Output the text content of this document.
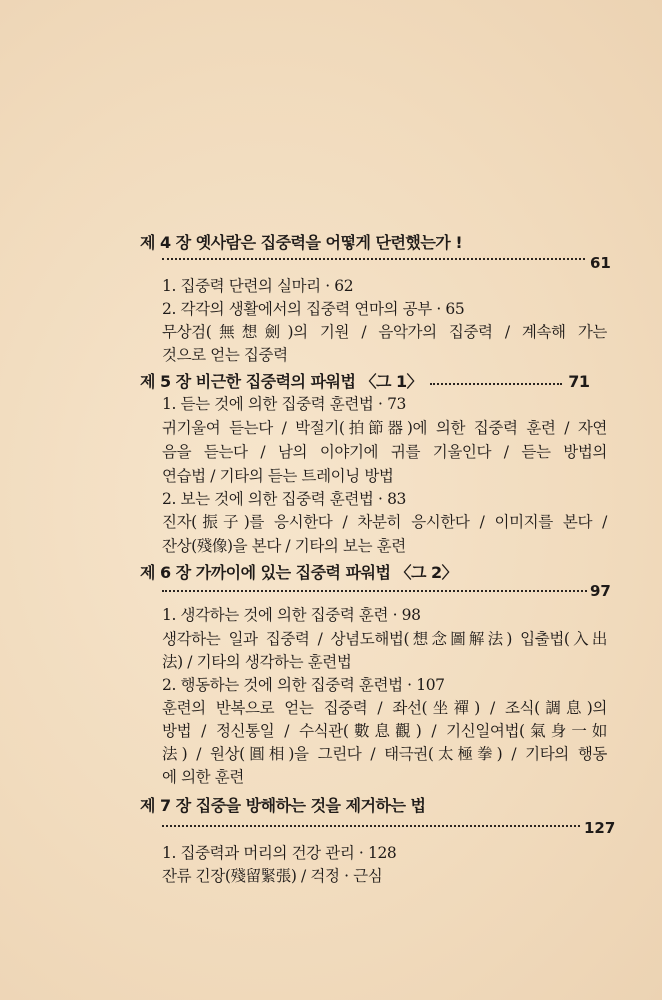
제 4 장 옛사람은 집중력을 어떻게 단련했는가 !
61
1. 집중력 단련의 실마리 · 62
2. 각각의 생활에서의 집중력 연마의 공부 · 65
무상검(無想劍)의 기원 / 음악가의 집중력 / 계속해 가는
것으로 얻는 집중력
제 5 장 비근한 집중력의 파워법 〈그 1〉	71
1. 듣는 것에 의한 집중력 훈련법 · 73
귀기울여 듣는다 / 박절기(拍節器)에 의한 집중력 훈련 / 자연
음을 듣는다 / 남의 이야기에 귀를 기울인다 / 듣는 방법의
연습법 / 기타의 듣는 트레이닝 방법
2. 보는 것에 의한 집중력 훈련법 · 83
진자(振子)를 응시한다 / 차분히 응시한다 / 이미지를 본다 /
잔상(殘像)을 본다 / 기타의 보는 훈련
제 6 장 가까이에 있는 집중력 파워법 〈그 2〉
97
1. 생각하는 것에 의한 집중력 훈련 · 98
생각하는 일과 집중력 / 상념도해법(想念圖解法) 입출법(入出
法) / 기타의 생각하는 훈련법
2. 행동하는 것에 의한 집중력 훈련법 · 107
훈련의 반복으로 얻는 집중력 / 좌선(坐禪) / 조식(調息)의
방법 / 정신통일 / 수식관(數息觀) / 기신일여법(氣身一如
法) / 원상(圓相)을 그린다 / 태극권(太極拳) / 기타의 행동
에 의한 훈련
제 7 장 집중을 방해하는 것을 제거하는 법
127
1. 집중력과 머리의 건강 관리 · 128
잔류 긴장(殘留緊張) / 걱정 · 근심
